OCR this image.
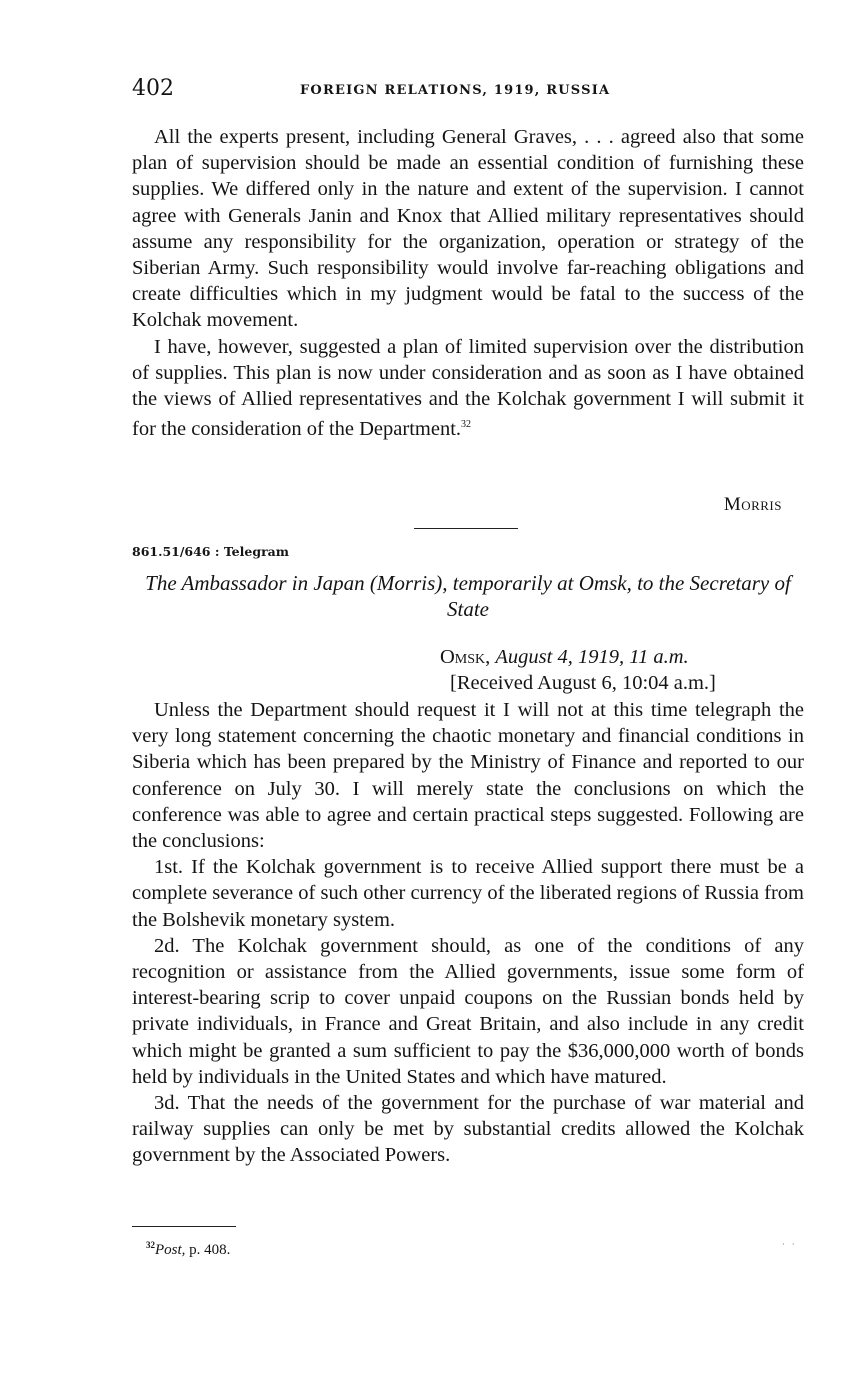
402	FOREIGN RELATIONS, 1919, RUSSIA

All the experts present, including General Graves, . . . agreed also that some plan of supervision should be made an essential condition of furnishing these supplies. We differed only in the nature and extent of the supervision. I cannot agree with Generals Janin and Knox that Allied military representatives should assume any responsibility for the organization, operation or strategy of the Siberian Army. Such responsibility would involve far-reaching obligations and create difficulties which in my judgment would be fatal to the success of the Kolchak movement.

I have, however, suggested a plan of limited supervision over the distribution of supplies. This plan is now under consideration and as soon as I have obtained the views of Allied representatives and the Kolchak government I will submit it for the consideration of the Department.$^{32}$

Morris
861.51/646 : Telegram
The Ambassador in Japan (Morris), temporarily at Omsk, to the Secretary of State
Omsk, August 4, 1919, 11 a.m.
[Received August 6, 10:04 a.m.]

Unless the Department should request it I will not at this time telegraph the very long statement concerning the chaotic monetary and financial conditions in Siberia which has been prepared by the Ministry of Finance and reported to our conference on July 30. I will merely state the conclusions on which the conference was able to agree and certain practical steps suggested. Following are the conclusions:

1st. If the Kolchak government is to receive Allied support there must be a complete severance of such other currency of the liberated regions of Russia from the Bolshevik monetary system.

2d. The Kolchak government should, as one of the conditions of any recognition or assistance from the Allied governments, issue some form of interest-bearing scrip to cover unpaid coupons on the Russian bonds held by private individuals, in France and Great Britain, and also include in any credit which might be granted a sum sufficient to pay the $36,000,000 worth of bonds held by individuals in the United States and which have matured.

3d. That the needs of the government for the purchase of war material and railway supplies can only be met by substantial credits allowed the Kolchak government by the Associated Powers.

$^{32}$Post, p. 408.	· ·
